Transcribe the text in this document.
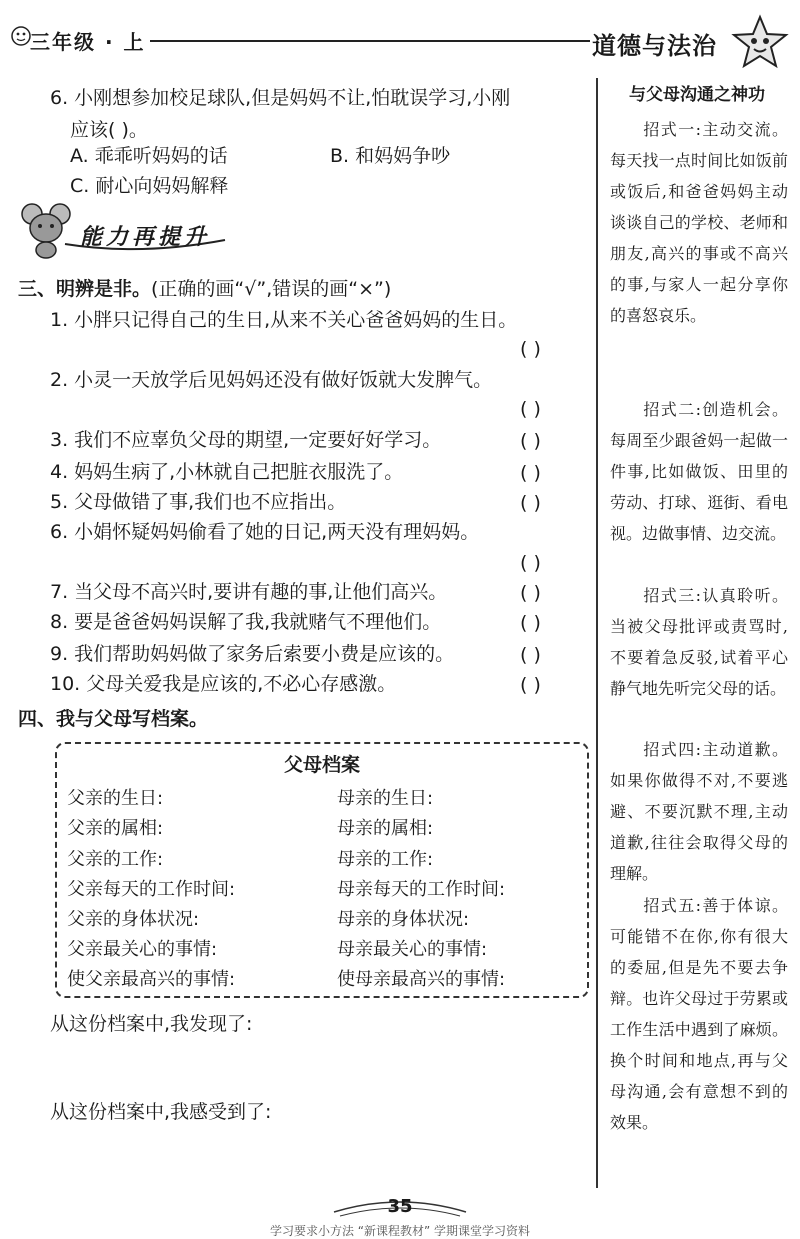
三年级 · 上	道德与法治
6. 小刚想参加校足球队,但是妈妈不让,怕耽误学习,小刚
应该( )。
A. 乖乖听妈妈的话	B. 和妈妈争吵
C. 耐心向妈妈解释
能力再提升
三、明辨是非。(正确的画“√”,错误的画“×”)
1. 小胖只记得自己的生日,从来不关心爸爸妈妈的生日。
( )
2. 小灵一天放学后见妈妈还没有做好饭就大发脾气。
( )
3. 我们不应辜负父母的期望,一定要好好学习。	( )
4. 妈妈生病了,小林就自己把脏衣服洗了。	( )
5. 父母做错了事,我们也不应指出。	( )
6. 小娟怀疑妈妈偷看了她的日记,两天没有理妈妈。
( )
7. 当父母不高兴时,要讲有趣的事,让他们高兴。	( )
8. 要是爸爸妈妈误解了我,我就赌气不理他们。	( )
9. 我们帮助妈妈做了家务后索要小费是应该的。	( )
10. 父母关爱我是应该的,不必心存感激。	( )
四、我与父母写档案。
父母档案
父亲的生日:	母亲的生日:
父亲的属相:	母亲的属相:
父亲的工作:	母亲的工作:
父亲每天的工作时间:	母亲每天的工作时间:
父亲的身体状况:	母亲的身体状况:
父亲最关心的事情:	母亲最关心的事情:
使父亲最高兴的事情:	使母亲最高兴的事情:
从这份档案中,我发现了:
从这份档案中,我感受到了:
与父母沟通之神功
招式一:主动交流。每天找一点时间比如饭前或饭后,和爸爸妈妈主动谈谈自己的学校、老师和朋友,高兴的事或不高兴的事,与家人一起分享你的喜怒哀乐。
招式二:创造机会。每周至少跟爸妈一起做一件事,比如做饭、田里的劳动、打球、逛街、看电视。边做事情、边交流。
招式三:认真聆听。当被父母批评或责骂时,不要着急反驳,试着平心静气地先听完父母的话。
招式四:主动道歉。如果你做得不对,不要逃避、不要沉默不理,主动道歉,往往会取得父母的理解。
招式五:善于体谅。可能错不在你,你有很大的委屈,但是先不要去争辩。也许父母过于劳累或工作生活中遇到了麻烦。换个时间和地点,再与父母沟通,会有意想不到的效果。
35
学习要求小方法 “新课程教材” 学期课堂学习资料
